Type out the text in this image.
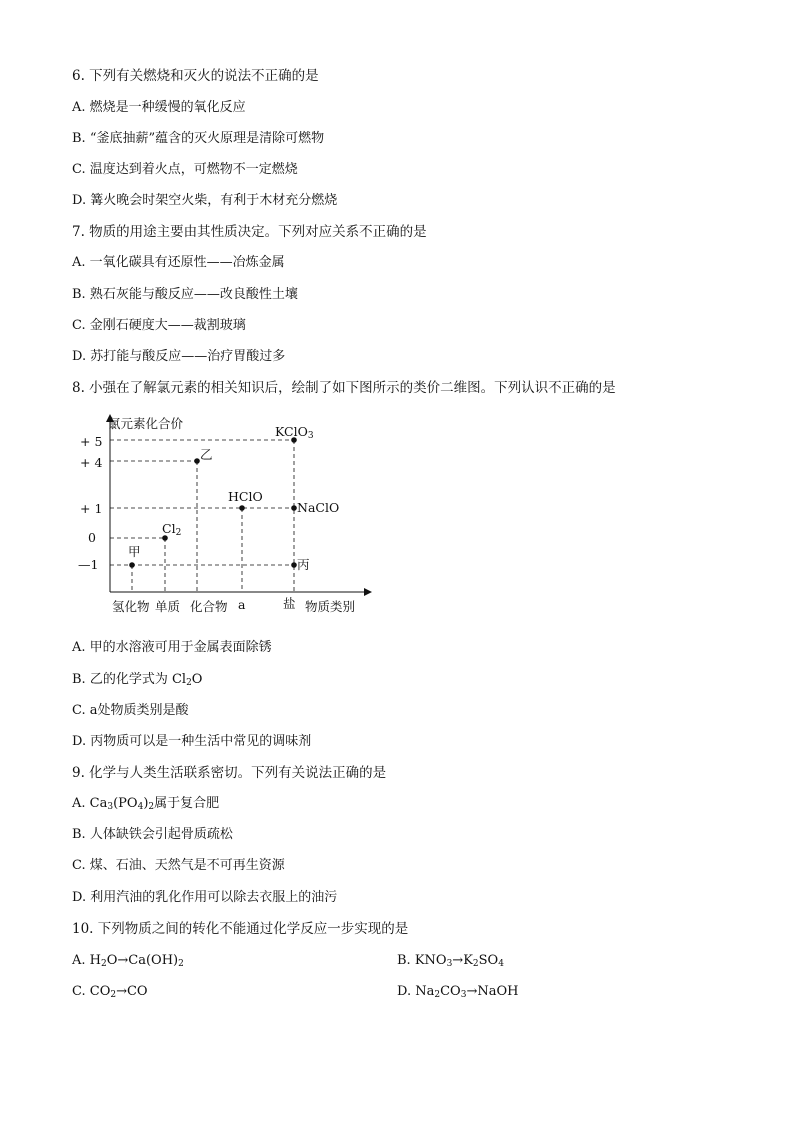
6. 下列有关燃烧和灭火的说法不正确的是
A. 燃烧是一种缓慢的氧化反应
B. “釜底抽薪”蕴含的灭火原理是清除可燃物
C. 温度达到着火点，可燃物不一定燃烧
D. 篝火晚会时架空火柴，有利于木材充分燃烧
7. 物质的用途主要由其性质决定。下列对应关系不正确的是
A. 一氧化碳具有还原性——冶炼金属
B. 熟石灰能与酸反应——改良酸性土壤
C. 金刚石硬度大——裁割玻璃
D. 苏打能与酸反应——治疗胃酸过多
8. 小强在了解氯元素的相关知识后，绘制了如下图所示的类价二维图。下列认识不正确的是
氯元素化合价
+ 5
+ 4
+ 1
0
—1
氢化物 单质 化合物 a	盐 物质类别
甲
$Cl_2$
乙
HClO
KClO$_3$
NaClO
丙
A. 甲的水溶液可用于金属表面除锈
B. 乙的化学式为 $Cl_2O$
C. a处物质类别是酸
D. 丙物质可以是一种生活中常见的调味剂
9. 化学与人类生活联系密切。下列有关说法正确的是
A. $Ca_3(PO_4)_2$属于复合肥
B. 人体缺铁会引起骨质疏松
C. 煤、石油、天然气是不可再生资源
D. 利用汽油的乳化作用可以除去衣服上的油污
10. 下列物质之间的转化不能通过化学反应一步实现的是
A. $H_2O\to Ca(OH)_2$	B. $KNO_3\to K_2SO_4$
C. $CO_2\to CO$	D. $Na_2CO_3\to NaOH$
